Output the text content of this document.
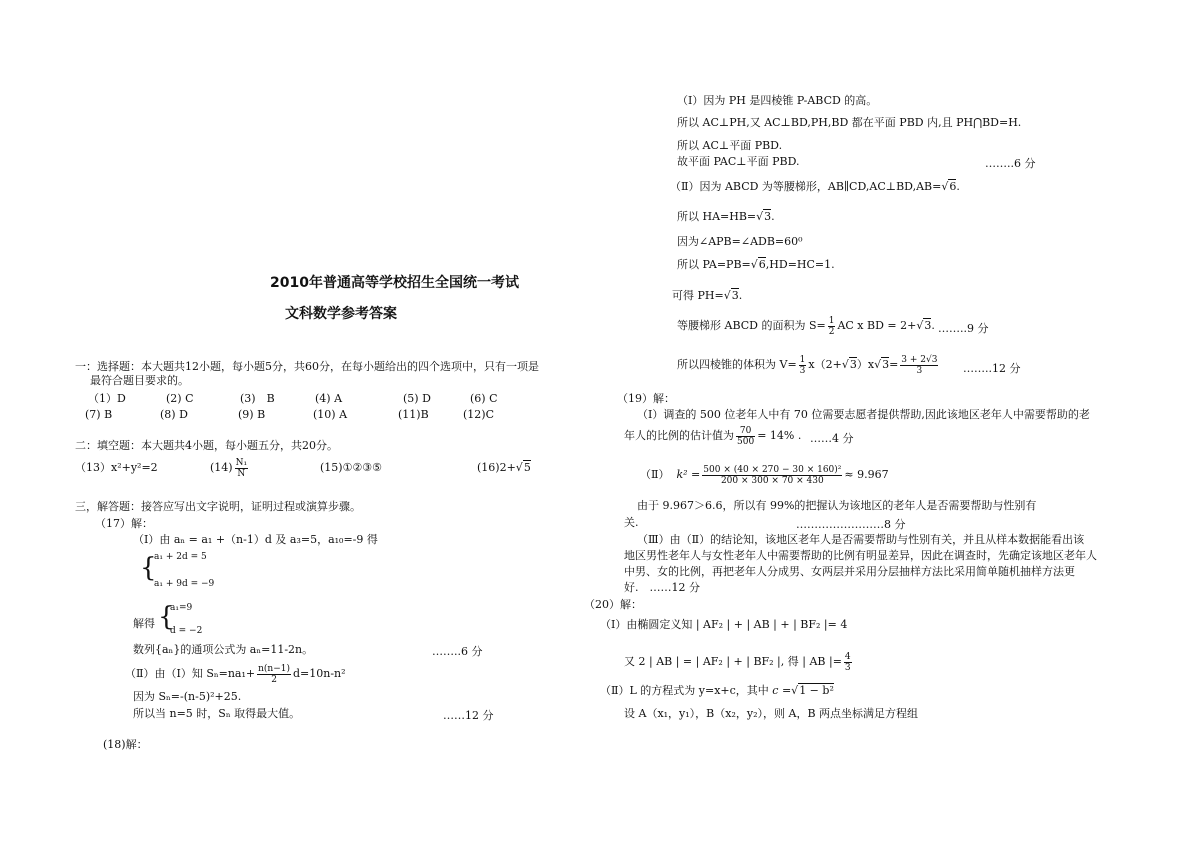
2010年普通高等学校招生全国统一考试
文科数学参考答案
一：选择题：本大题共12小题，每小题5分，共60分，在每小题给出的四个选项中，只有一项是
最符合题目要求的。
（1）D	(2) C	(3)　B	(4) A	(5) D	(6) C
(7) B	(8) D	(9) B	(10) A	(11)B	(12)C
二：填空题：本大题共4小题，每小题五分，共20分。
（13）x²+y²=2	$(14) \frac{\text{N₁}}{N}$	(15)①②③⑤	(16)2+√5
三，解答题：接答应写出文字说明，证明过程或演算步骤。
（17）解：
（Ⅰ）由 aₙ = a₁ +（n-1）d 及 a₃=5，a₁₀=-9 得
{
a₁ + 2d = 5
a₁ + 9d = −9
解得 {
a₁=9
d = −2
数列{aₙ}的通项公式为 aₙ=11-2n。	……..6 分
（Ⅱ）由（Ⅰ）知 $S_n=na_1+ \frac{n(n-1)}{2} d=10n-n^2$
因为 Sₙ=-(n-5)²+25.
所以当 n=5 时，Sₙ 取得最大值。	……12 分
(18)解：
（Ⅰ）因为 PH 是四棱锥 P-ABCD 的高。
所以 AC⊥PH,又 AC⊥BD,PH,BD 都在平面 PBD 内,且 PH⋂BD=H.
所以 AC⊥平面 PBD.
故平面 PAC⊥平面 PBD.	……..6 分
（Ⅱ）因为 ABCD 为等腰梯形，AB∥CD,AC⊥BD,AB=√6.
所以 HA=HB=√3.
因为∠APB=∠ADB=60⁰
所以 PA=PB=√6,HD=HC=1.
可得 PH=√3.
等腰梯形 ABCD 的面积为 $S= \frac{1}{2}$ AC x BD = 2+√3. ……..9 分
所以四棱锥的体积为 $V= \frac{1}{3} x(2+√3)x√3= \frac{3 + 2√3}{3}$ ……..12 分
（19）解：
（Ⅰ）调查的 500 位老年人中有 70 位需要志愿者提供帮助,因此该地区老年人中需要帮助的老
年人的比例的估计值为 $\frac{70}{500} = 14\%$ . ……4 分
（Ⅱ） $k^2 = \frac{\text{500 × (40 × 270 − 30 × 160)²}}{200 \times 300 \times 70 \times 430} \approx 9.967$
由于 9.967＞6.6，所以有 99%的把握认为该地区的老年人是否需要帮助与性别有
关.	……………………8 分
（Ⅲ）由（Ⅱ）的结论知，该地区老年人是否需要帮助与性别有关，并且从样本数据能看出该
地区男性老年人与女性老年人中需要帮助的比例有明显差异，因此在调查时，先确定该地区老年人
中男、女的比例，再把老年人分成男、女两层并采用分层抽样方法比采用简单随机抽样方法更
好.　……12 分
（20）解：
（Ⅰ）由椭圆定义知 | AF₂ | + | AB | + | BF₂ |= 4
又 2 | AB | = | AF₂ | + | BF₂ |, 得 | AB |= $\frac{4}{3}$
（Ⅱ）L 的方程式为 y=x+c，其中 c =√1 − b²
设 A（x₁，y₁），B（x₂，y₂），则 A，B 两点坐标满足方程组
